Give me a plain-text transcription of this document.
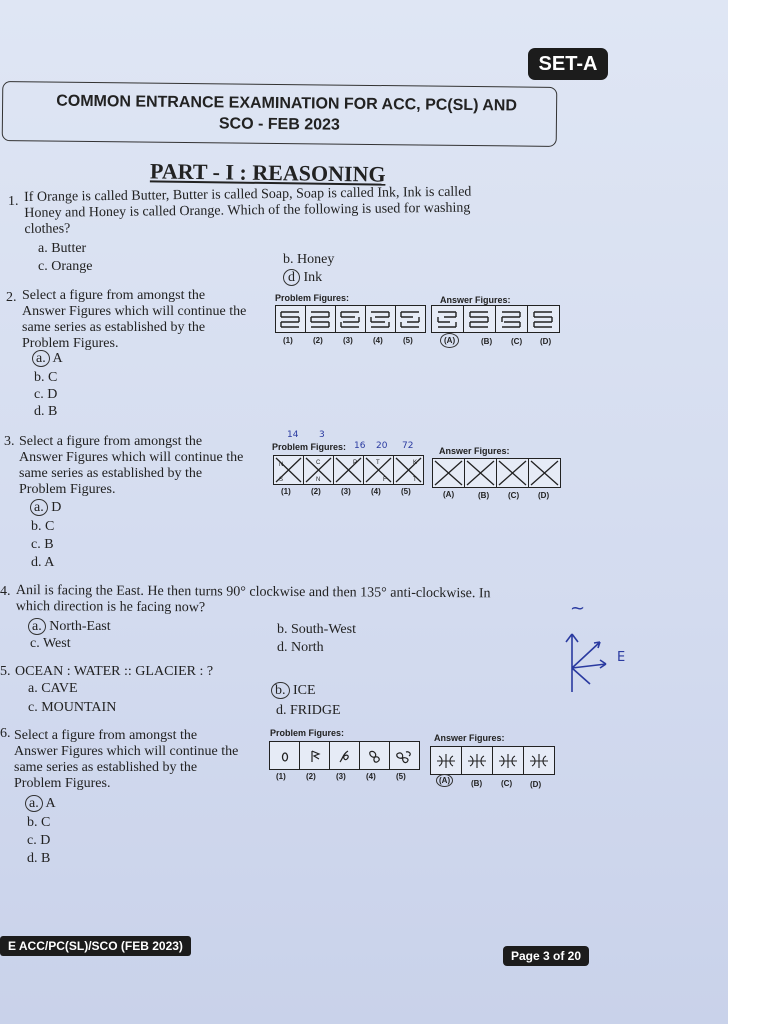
SET-A
COMMON ENTRANCE EXAMINATION FOR ACC, PC(SL) AND
SCO - FEB 2023
PART - I : REASONING
1. If Orange is called Butter, Butter is called Soap, Soap is called Ink, Ink is called
Honey and Honey is called Orange. Which of the following is used for washing
clothes?
a. Butter
c. Orange	b. Honey
d Ink
2. Select a figure from amongst the
Answer Figures which will continue the
same series as established by the
Problem Figures.
Problem Figures:	Answer Figures:
(1)	(2)	(3)	(4)	(5)	(A)	(B) (C) (D)
a. A
b. C
c. D
d. B
3. Select a figure from amongst the
Answer Figures which will continue the
same series as established by the
Problem Figures.
Problem Figures:	Answer Figures:
14 3
16 20 72
N
S
C
N
P	T
F
K
T
(1)	(2)	(3)	(4)	(5)	(A)	(B) (C) (D)
a. D
b. C
c. B
d. A
4. Anil is facing the East. He then turns 90° clockwise and then 135° anti-clockwise. In
which direction is he facing now?
a. North-East
c. West
b. South-West
d. North
~
E
5. OCEAN : WATER :: GLACIER : ?
a. CAVE
c. MOUNTAIN
b. ICE
d. FRIDGE
6. Select a figure from amongst the
Answer Figures which will continue the
same series as established by the
Problem Figures.
Problem Figures:	Answer Figures:
(1)	(2)	(3)	(4)	(5)	(A)	(B) (C) (D)
a. A
b. C
c. D
d. B
E ACC/PC(SL)/SCO (FEB 2023)
Page 3 of 20
